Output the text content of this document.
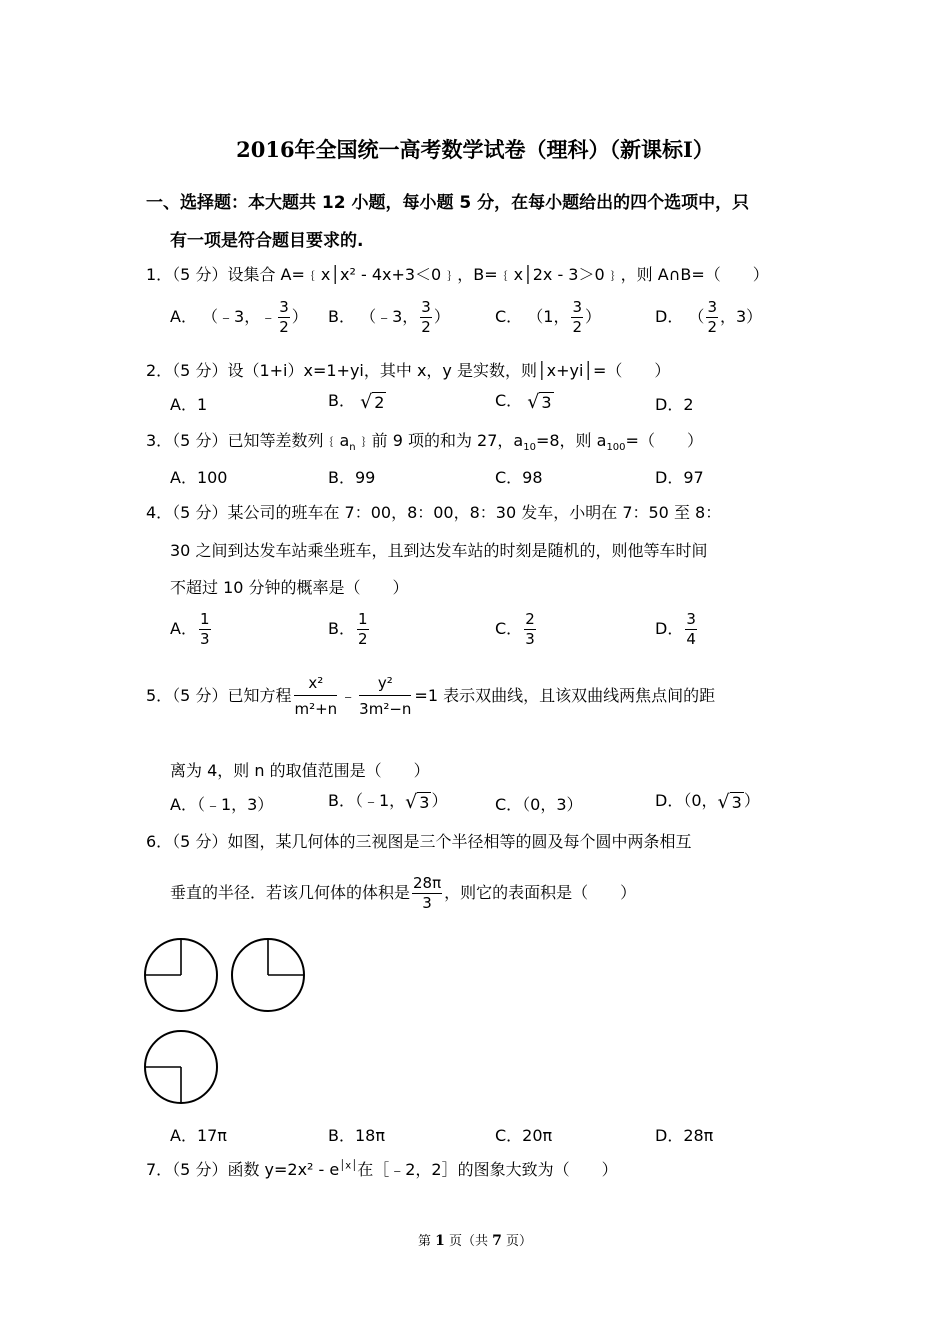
2016年全国统一高考数学试卷（理科）（新课标Ⅰ）
一、选择题：本大题共 12 小题，每小题 5 分，在每小题给出的四个选项中，只
有一项是符合题目要求的.
1．（5 分）设集合 A=﹛x│x² ‐ 4x+3＜0﹜，B=﹛x│2x ‐ 3＞0﹜，则 A∩B=（　　）
A． （﹣3，﹣ $\frac{3}{2}$ ） B． （﹣3， $\frac{3}{2}$ ）	C． （1， $\frac{3}{2}$ ）	D． （ $\frac{3}{2}$ ，3）
2．（5 分）设（1+i）x=1+yi，其中 x，y 是实数，则│x+yi│=（　　）
A．1	B． √ 2	C． √ 3	D．2
3．（5 分）已知等差数列$﹛a_n﹜$前 9 项的和为 27，$a_{10}=8$，则 $a_{100}=$（　　）
A．100	B．99	C．98	D．97
4．（5 分）某公司的班车在 7：00，8：00，8：30 发车，小明在 7：50 至 8：
30 之间到达发车站乘坐班车，且到达发车站的时刻是随机的，则他等车时间
不超过 10 分钟的概率是（　　）
A． $\frac{1}{3}$	B． $\frac{1}{2}$	C． $\frac{2}{3}$	D． $\frac{3}{4}$
5．（5 分）已知方程 $\frac{\text{x²}}{\text{m²+n}}$ ﹣ $\frac{\text{y²}}{\text{3m²−n}} =1$ 表示双曲线，且该双曲线两焦点间的距
离为 4，则 n 的取值范围是（　　）
A．（﹣1，3）	B．（﹣1，√ 3 ）	C．（0，3）	D．（0，√ 3 ）
6．（5 分）如图，某几何体的三视图是三个半径相等的圆及每个圆中两条相互
垂直的半径．若该几何体的体积是 $\frac{28\pi}{3}$ ，则它的表面积是（　　）
A．17π	B．18π	C．20π	D．28π
7．（5 分）函数 y=2x² ‐ $e^{│x│}$在［﹣2，2］的图象大致为（　　）
第 1 页（共 7 页）
